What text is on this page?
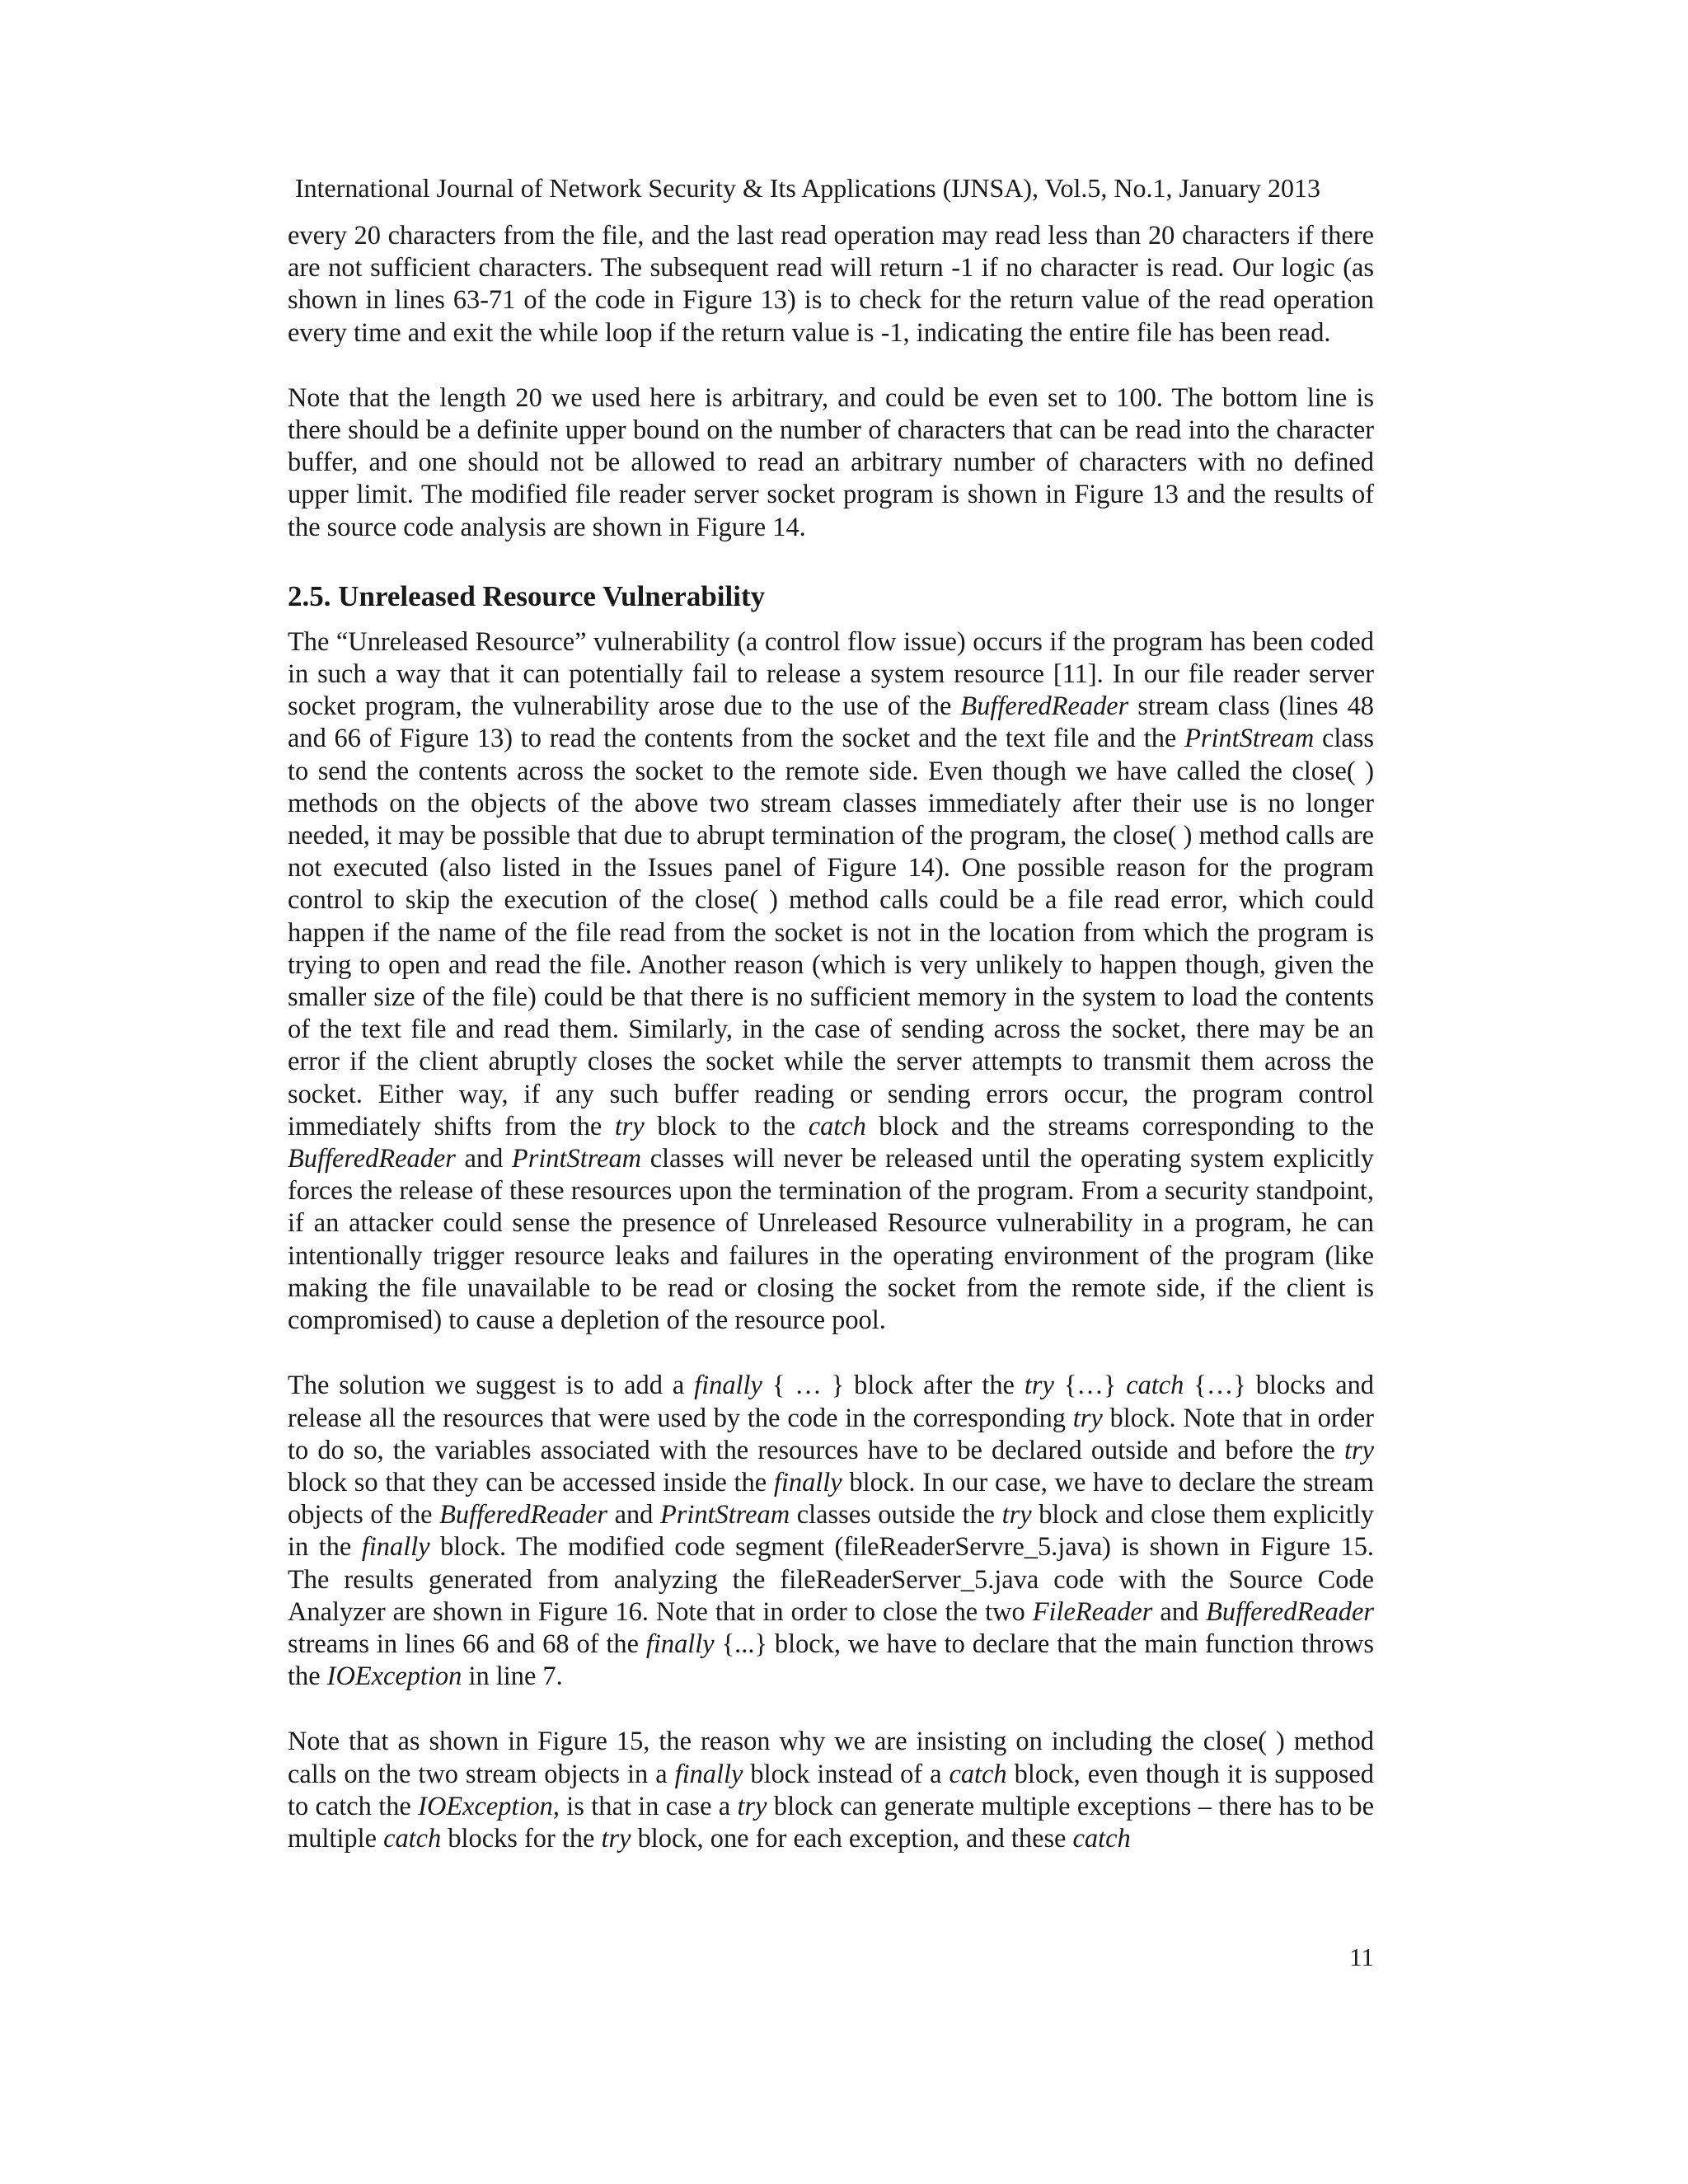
International Journal of Network Security & Its Applications (IJNSA), Vol.5, No.1, January 2013

every 20 characters from the file, and the last read operation may read less than 20 characters if there are not sufficient characters. The subsequent read will return -1 if no character is read. Our logic (as shown in lines 63-71 of the code in Figure 13) is to check for the return value of the read operation every time and exit the while loop if the return value is -1, indicating the entire file has been read.

Note that the length 20 we used here is arbitrary, and could be even set to 100. The bottom line is there should be a definite upper bound on the number of characters that can be read into the character buffer, and one should not be allowed to read an arbitrary number of characters with no defined upper limit. The modified file reader server socket program is shown in Figure 13 and the results of the source code analysis are shown in Figure 14.

2.5. Unreleased Resource Vulnerability

The “Unreleased Resource” vulnerability (a control flow issue) occurs if the program has been coded in such a way that it can potentially fail to release a system resource [11]. In our file reader server socket program, the vulnerability arose due to the use of the BufferedReader stream class (lines 48 and 66 of Figure 13) to read the contents from the socket and the text file and the PrintStream class to send the contents across the socket to the remote side. Even though we have called the close( ) methods on the objects of the above two stream classes immediately after their use is no longer needed, it may be possible that due to abrupt termination of the program, the close( ) method calls are not executed (also listed in the Issues panel of Figure 14). One possible reason for the program control to skip the execution of the close( ) method calls could be a file read error, which could happen if the name of the file read from the socket is not in the location from which the program is trying to open and read the file. Another reason (which is very unlikely to happen though, given the smaller size of the file) could be that there is no sufficient memory in the system to load the contents of the text file and read them. Similarly, in the case of sending across the socket, there may be an error if the client abruptly closes the socket while the server attempts to transmit them across the socket. Either way, if any such buffer reading or sending errors occur, the program control immediately shifts from the try block to the catch block and the streams corresponding to the BufferedReader and PrintStream classes will never be released until the operating system explicitly forces the release of these resources upon the termination of the program. From a security standpoint, if an attacker could sense the presence of Unreleased Resource vulnerability in a program, he can intentionally trigger resource leaks and failures in the operating environment of the program (like making the file unavailable to be read or closing the socket from the remote side, if the client is compromised) to cause a depletion of the resource pool.

The solution we suggest is to add a finally { … } block after the try {…} catch {…} blocks and release all the resources that were used by the code in the corresponding try block. Note that in order to do so, the variables associated with the resources have to be declared outside and before the try block so that they can be accessed inside the finally block. In our case, we have to declare the stream objects of the BufferedReader and PrintStream classes outside the try block and close them explicitly in the finally block. The modified code segment (fileReaderServre_5.java) is shown in Figure 15. The results generated from analyzing the fileReaderServer_5.java code with the Source Code Analyzer are shown in Figure 16. Note that in order to close the two FileReader and BufferedReader streams in lines 66 and 68 of the finally {...} block, we have to declare that the main function throws the IOException in line 7.

Note that as shown in Figure 15, the reason why we are insisting on including the close( ) method calls on the two stream objects in a finally block instead of a catch block, even though it is supposed to catch the IOException, is that in case a try block can generate multiple exceptions – there has to be multiple catch blocks for the try block, one for each exception, and these catch

11
